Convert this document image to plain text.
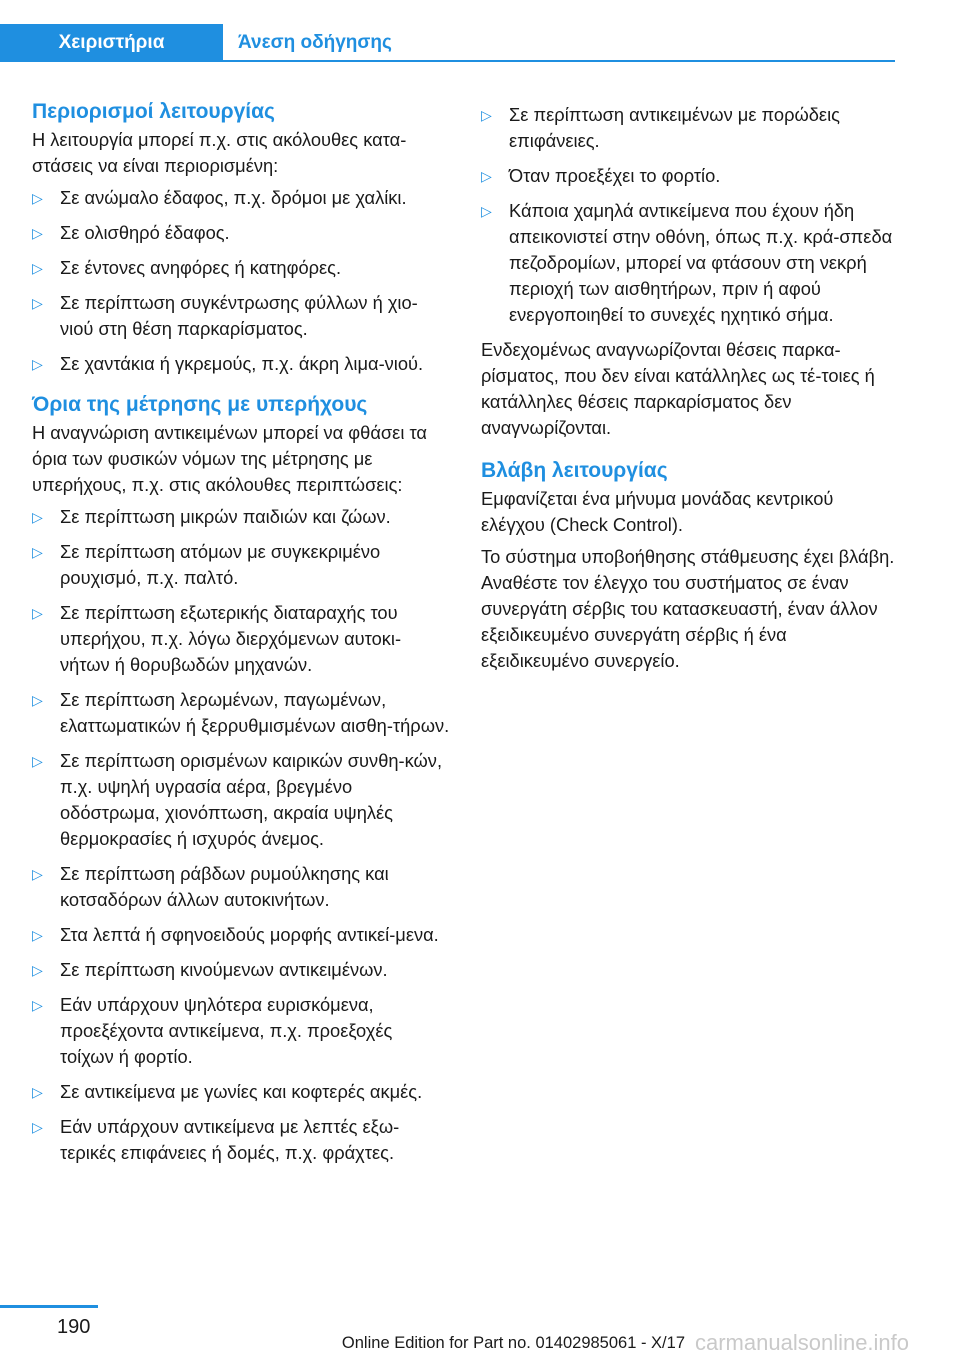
Χειριστήρια	Άνεση οδήγησης
Περιορισμοί λειτουργίας

Η λειτουργία μπορεί π.χ. στις ακόλουθες κατα‐στάσεις να είναι περιορισμένη:

▷ Σε ανώμαλο έδαφος, π.χ. δρόμοι με χαλίκι.
▷ Σε ολισθηρό έδαφος.
▷ Σε έντονες ανηφόρες ή κατηφόρες.
▷ Σε περίπτωση συγκέντρωσης φύλλων ή χιο‐νιού στη θέση παρκαρίσματος.
▷ Σε χαντάκια ή γκρεμούς, π.χ. άκρη λιμα‐νιού.
Όρια της μέτρησης με υπερήχους

Η αναγνώριση αντικειμένων μπορεί να φθάσει τα όρια των φυσικών νόμων της μέτρησης με υπερήχους, π.χ. στις ακόλουθες περιπτώσεις:

▷ Σε περίπτωση μικρών παιδιών και ζώων.
▷ Σε περίπτωση ατόμων με συγκεκριμένο ρουχισμό, π.χ. παλτό.
▷ Σε περίπτωση εξωτερικής διαταραχής του υπερήχου, π.χ. λόγω διερχόμενων αυτοκι‐νήτων ή θορυβωδών μηχανών.
▷ Σε περίπτωση λερωμένων, παγωμένων, ελαττωματικών ή ξερρυθμισμένων αισθη‐τήρων.
▷ Σε περίπτωση ορισμένων καιρικών συνθη‐κών, π.χ. υψηλή υγρασία αέρα, βρεγμένο οδόστρωμα, χιονόπτωση, ακραία υψηλές θερμοκρασίες ή ισχυρός άνεμος.
▷ Σε περίπτωση ράβδων ρυμούλκησης και κοτσαδόρων άλλων αυτοκινήτων.
▷ Στα λεπτά ή σφηνοειδούς μορφής αντικεί‐μενα.
▷ Σε περίπτωση κινούμενων αντικειμένων.
▷ Εάν υπάρχουν ψηλότερα ευρισκόμενα, προεξέχοντα αντικείμενα, π.χ. προεξοχές τοίχων ή φορτίο.
▷ Σε αντικείμενα με γωνίες και κοφτερές ακμές.
▷ Εάν υπάρχουν αντικείμενα με λεπτές εξω‐τερικές επιφάνειες ή δομές, π.χ. φράχτες.
▷ Σε περίπτωση αντικειμένων με πορώδεις επιφάνειες.
▷ Όταν προεξέχει το φορτίο.
▷ Κάποια χαμηλά αντικείμενα που έχουν ήδη απεικονιστεί στην οθόνη, όπως π.χ. κρά‐σπεδα πεζοδρομίων, μπορεί να φτάσουν στη νεκρή περιοχή των αισθητήρων, πριν ή αφού ενεργοποιηθεί το συνεχές ηχητικό σήμα.

Ενδεχομένως αναγνωρίζονται θέσεις παρκα‐ρίσματος, που δεν είναι κατάλληλες ως τέ‐τοιες ή κατάλληλες θέσεις παρκαρίσματος δεν αναγνωρίζονται.

Βλάβη λειτουργίας

Εμφανίζεται ένα μήνυμα μονάδας κεντρικού ελέγχου (Check Control).

Το σύστημα υποβοήθησης στάθμευσης έχει βλάβη. Αναθέστε τον έλεγχο του συστήματος σε έναν συνεργάτη σέρβις του κατασκευαστή, έναν άλλον εξειδικευμένο συνεργάτη σέρβις ή ένα εξειδικευμένο συνεργείο.

190
Online Edition for Part no. 01402985061 - X/17 carmanualsonline.info
